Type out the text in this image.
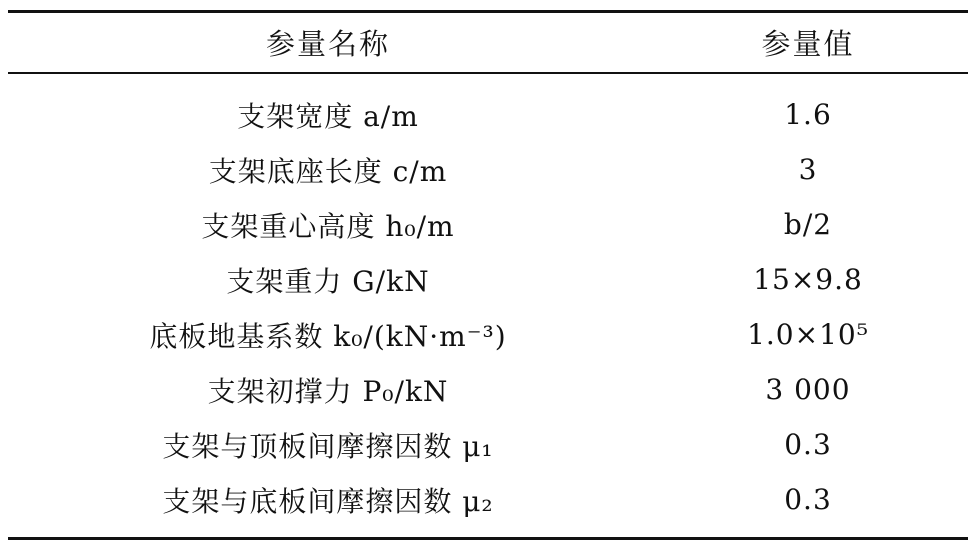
参量名称	参量值
支架宽度 a/m	1.6
支架底座长度 c/m	3
支架重心高度 h₀/m	b/2
支架重力 G/kN	15×9.8
底板地基系数 k₀/(kN·m⁻³)	1.0×10⁵
支架初撑力 P₀/kN	3 000
支架与顶板间摩擦因数 μ₁	0.3
支架与底板间摩擦因数 μ₂	0.3
